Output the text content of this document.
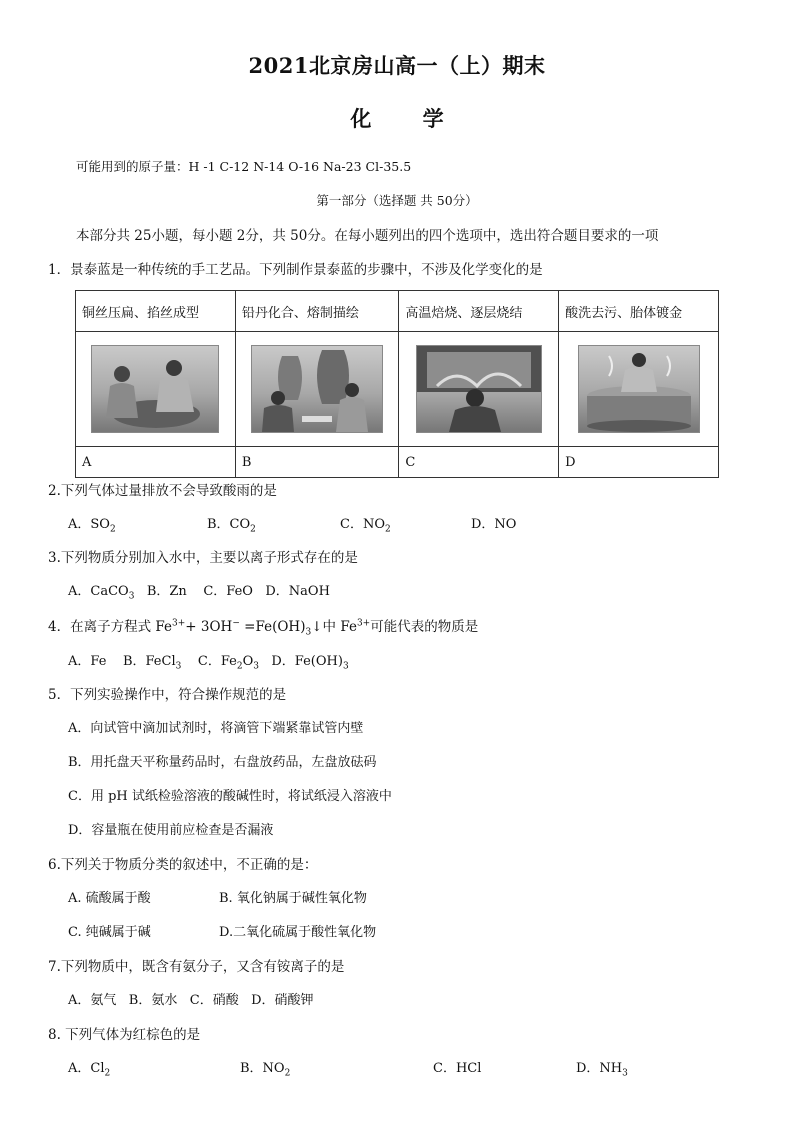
2021北京房山高一（上）期末
化 学
可能用到的原子量：H -1 C-12 N-14 O-16 Na-23 Cl-35.5
第一部分（选择题 共 50分）
本部分共 25小题，每小题 2分，共 50分。在每小题列出的四个选项中，选出符合题目要求的一项
1．景泰蓝是一种传统的手工艺品。下列制作景泰蓝的步骤中，不涉及化学变化的是
铜丝压扁、掐丝成型	铅丹化合、熔制描绘	高温焙烧、逐层烧结	酸洗去污、胎体镀金

A	B	C	D
2.下列气体过量排放不会导致酸雨的是
A．$SO_2$	B．$CO_2$	C．$NO_2$	D．NO
3.下列物质分别加入水中，主要以离子形式存在的是
A．CaCO$_3$ B．Zn C．FeO D．NaOH
4．在离子方程式 $Fe^{3+}+ 3OH^-$ $=Fe(OH)_3↓$中 $Fe^{3+}$可能代表的物质是
A．Fe B．FeCl$_3$ C．$Fe_2O_3$ D．$Fe(OH)_3$
5．下列实验操作中，符合操作规范的是
A．向试管中滴加试剂时，将滴管下端紧靠试管内壁
B．用托盘天平称量药品时，右盘放药品，左盘放砝码
C．用 pH 试纸检验溶液的酸碱性时，将试纸浸入溶液中
D．容量瓶在使用前应检查是否漏液
6.下列关于物质分类的叙述中，不正确的是：
A. 硫酸属于酸	B. 氧化钠属于碱性氧化物
C. 纯碱属于碱	D.二氧化硫属于酸性氧化物
7.下列物质中，既含有氨分子，又含有铵离子的是
A．氨气 B．氨水 C．硝酸 D．硝酸钾
8. 下列气体为红棕色的是
A．$Cl_2$	B．$NO_2$	C．HCl	D．$NH_3$
